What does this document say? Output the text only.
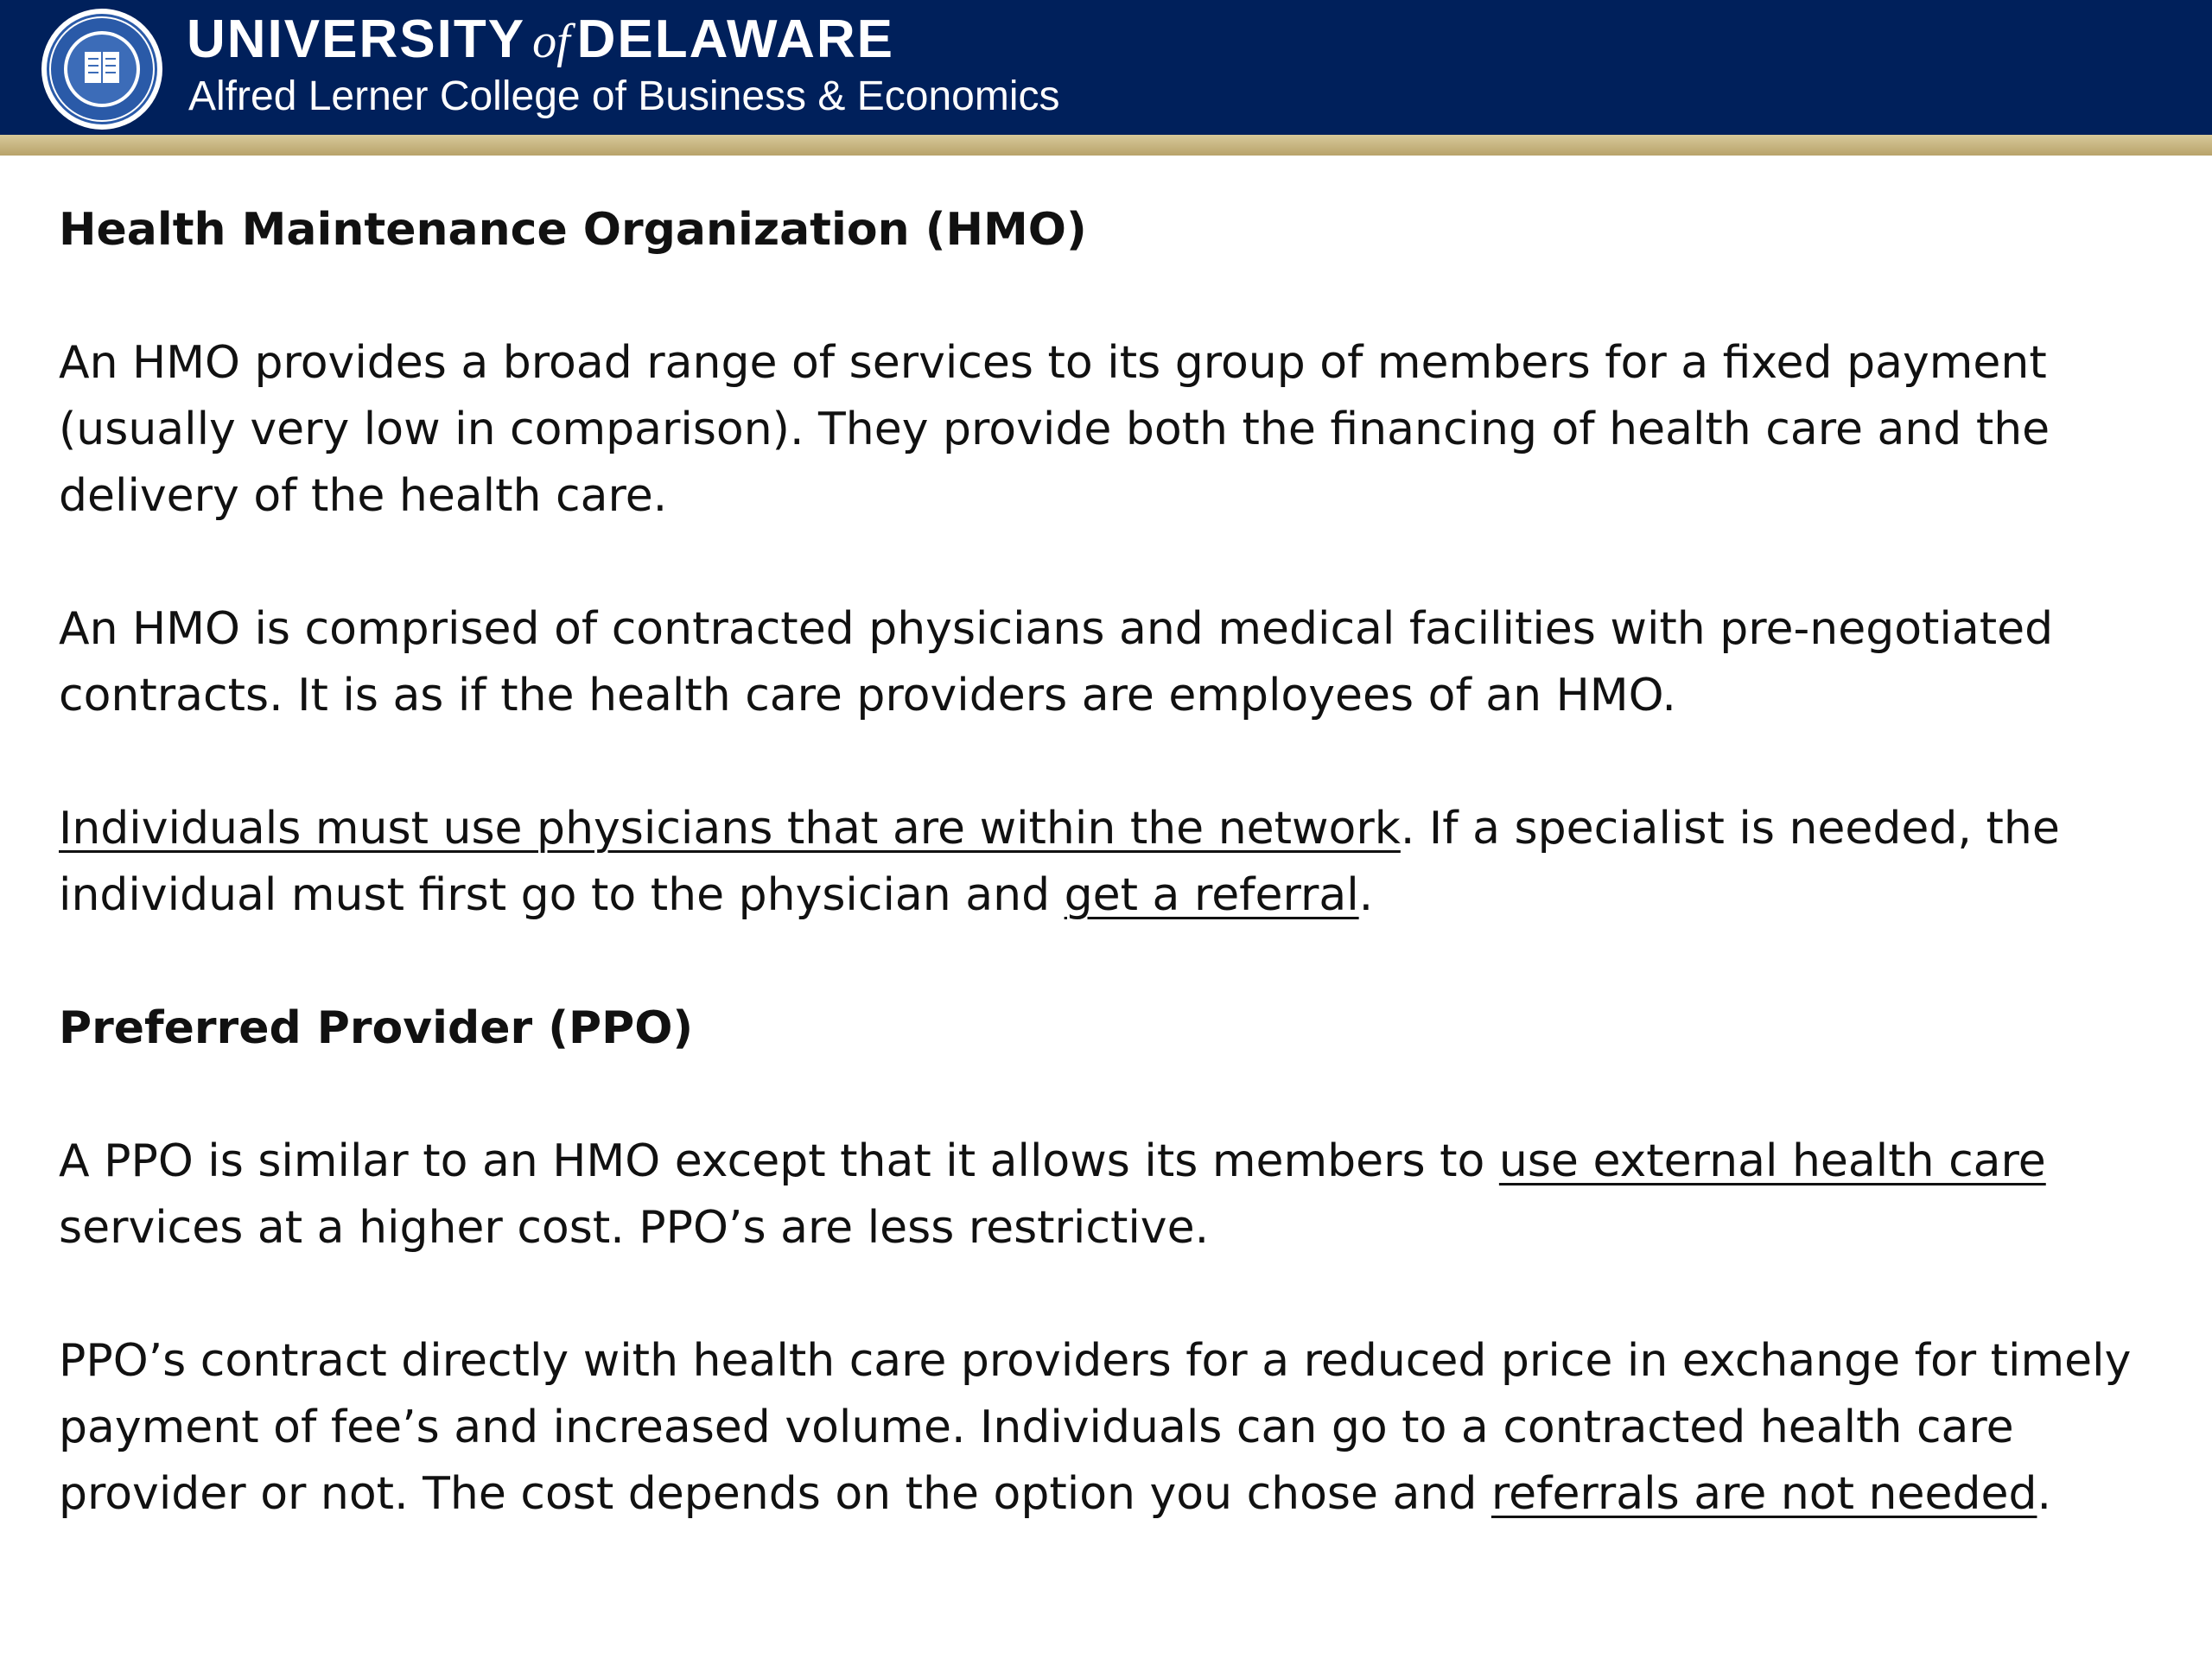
UNIVERSITY of DELAWARE
Alfred Lerner College of Business & Economics
Health Maintenance Organization (HMO)

An HMO provides a broad range of services to its group of members for a fixed payment (usually very low in comparison). They provide both the financing of health care and the delivery of the health care.

An HMO is comprised of contracted physicians and medical facilities with pre-negotiated contracts. It is as if the health care providers are employees of an HMO.

Individuals must use physicians that are within the network. If a specialist is needed, the individual must first go to the physician and get a referral.

Preferred Provider (PPO)

A PPO is similar to an HMO except that it allows its members to use external health care services at a higher cost. PPO’s are less restrictive.

PPO’s contract directly with health care providers for a reduced price in exchange for timely payment of fee’s and increased volume. Individuals can go to a contracted health care provider or not. The cost depends on the option you chose and referrals are not needed.
